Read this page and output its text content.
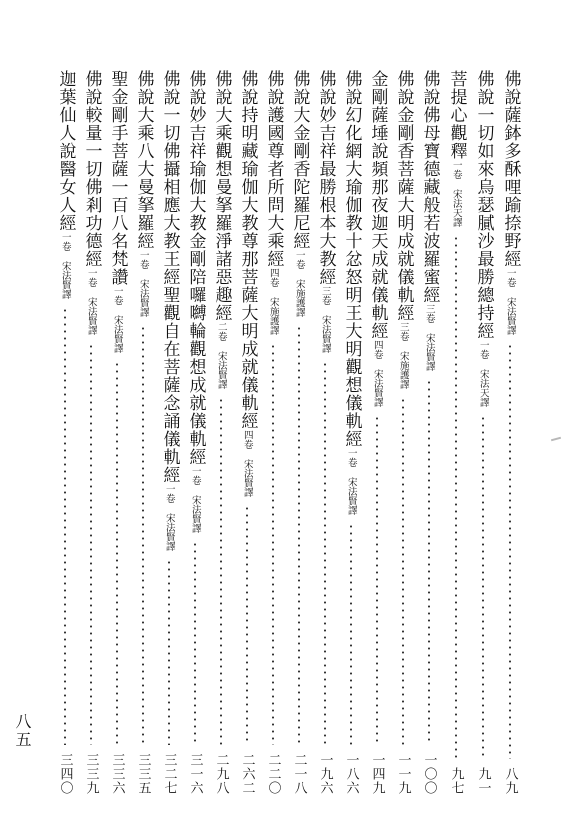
佛說薩鉢多酥哩踰捺野經
一卷
宋法賢譯
八九
佛說一切如來烏瑟膩沙最勝總持經
一卷
宋法天譯
九一
菩提心觀釋
一卷
宋法天譯
九七
佛說佛母寶德藏般若波羅蜜經
三卷
宋法賢譯
一〇〇
佛說金剛香菩薩大明成就儀軌經
三卷
宋施護譯
一一九
金剛薩埵說頻那夜迦天成就儀軌經
四卷
宋法賢譯
一四九
佛說幻化網大瑜伽教十忿怒明王大明觀想儀軌經
一卷
宋法賢譯
一八六
佛說妙吉祥最勝根本大教經
三卷
宋法賢譯
一九六
佛說大金剛香陀羅尼經
一卷
宋施護譯
二一八
佛說護國尊者所問大乘經
四卷
宋施護譯
二二〇
佛說持明藏瑜伽大教尊那菩薩大明成就儀軌經
四卷
宋法賢譯
二六二
佛說大乘觀想曼拏羅淨諸惡趣經
二卷
宋法賢譯
二九八
佛說妙吉祥瑜伽大教金剛陪囉嚩輪觀想成就儀軌經
一卷
宋法賢譯
三一六
佛說一切佛攝相應大教王經聖觀自在菩薩念誦儀軌經
一卷
宋法賢譯
三二七
佛說大乘八大曼拏羅經
一卷
宋法賢譯
三三五
聖金剛手菩薩一百八名梵讚
一卷
宋法賢譯
三三六
佛說較量一切佛剎功德經
一卷
宋法賢譯
三三九
迦葉仙人說醫女人經
一卷
宋法賢譯
三四〇
八五
